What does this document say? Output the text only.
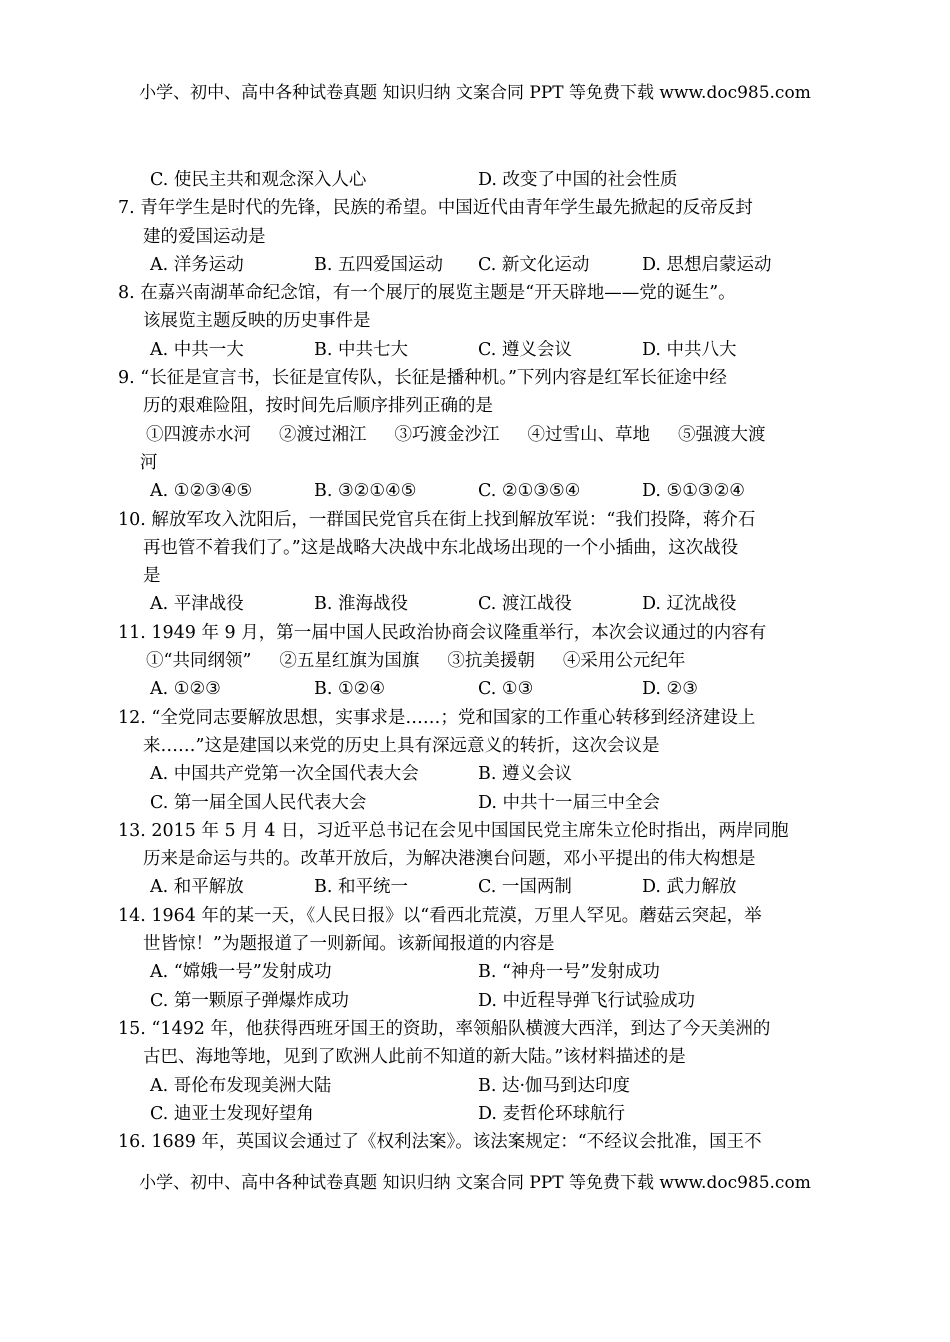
小学、初中、高中各种试卷真题 知识归纳 文案合同 PPT 等免费下载 www.doc985.com
C. 使民主共和观念深入人心	D. 改变了中国的社会性质
7. 青年学生是时代的先锋，民族的希望。中国近代由青年学生最先掀起的反帝反封
建的爱国运动是
A. 洋务运动	B. 五四爱国运动	C. 新文化运动	D. 思想启蒙运动
8. 在嘉兴南湖革命纪念馆，有一个展厅的展览主题是“开天辟地——党的诞生”。
该展览主题反映的历史事件是
A. 中共一大	B. 中共七大	C. 遵义会议	D. 中共八大
9. “长征是宣言书，长征是宣传队，长征是播种机。”下列内容是红军长征途中经
历的艰难险阻，按时间先后顺序排列正确的是
①四渡赤水河 ②渡过湘江 ③巧渡金沙江 ④过雪山、草地 ⑤强渡大渡
河
A. ①②③④⑤	B. ③②①④⑤	C. ②①③⑤④	D. ⑤①③②④
10. 解放军攻入沈阳后，一群国民党官兵在街上找到解放军说：“我们投降，蒋介石
再也管不着我们了。”这是战略大决战中东北战场出现的一个小插曲，这次战役
是
A. 平津战役	B. 淮海战役	C. 渡江战役	D. 辽沈战役
11. 1949 年 9 月，第一届中国人民政治协商会议隆重举行，本次会议通过的内容有
①“共同纲领” ②五星红旗为国旗 ③抗美援朝 ④采用公元纪年
A. ①②③	B. ①②④	C. ①③	D. ②③
12. “全党同志要解放思想，实事求是……；党和国家的工作重心转移到经济建设上
来……”这是建国以来党的历史上具有深远意义的转折，这次会议是
A. 中国共产党第一次全国代表大会	B. 遵义会议
C. 第一届全国人民代表大会	D. 中共十一届三中全会
13. 2015 年 5 月 4 日，习近平总书记在会见中国国民党主席朱立伦时指出，两岸同胞
历来是命运与共的。改革开放后，为解决港澳台问题，邓小平提出的伟大构想是
A. 和平解放	B. 和平统一	C. 一国两制	D. 武力解放
14. 1964 年的某一天，《人民日报》以“看西北荒漠，万里人罕见。蘑菇云突起，举
世皆惊！”为题报道了一则新闻。该新闻报道的内容是
A. “嫦娥一号”发射成功	B. “神舟一号”发射成功
C. 第一颗原子弹爆炸成功	D. 中近程导弹飞行试验成功
15. “1492 年，他获得西班牙国王的资助，率领船队横渡大西洋，到达了今天美洲的
古巴、海地等地，见到了欧洲人此前不知道的新大陆。”该材料描述的是
A. 哥伦布发现美洲大陆	B. 达·伽马到达印度
C. 迪亚士发现好望角	D. 麦哲伦环球航行
16. 1689 年，英国议会通过了《权利法案》。该法案规定：“不经议会批准，国王不
小学、初中、高中各种试卷真题 知识归纳 文案合同 PPT 等免费下载 www.doc985.com
